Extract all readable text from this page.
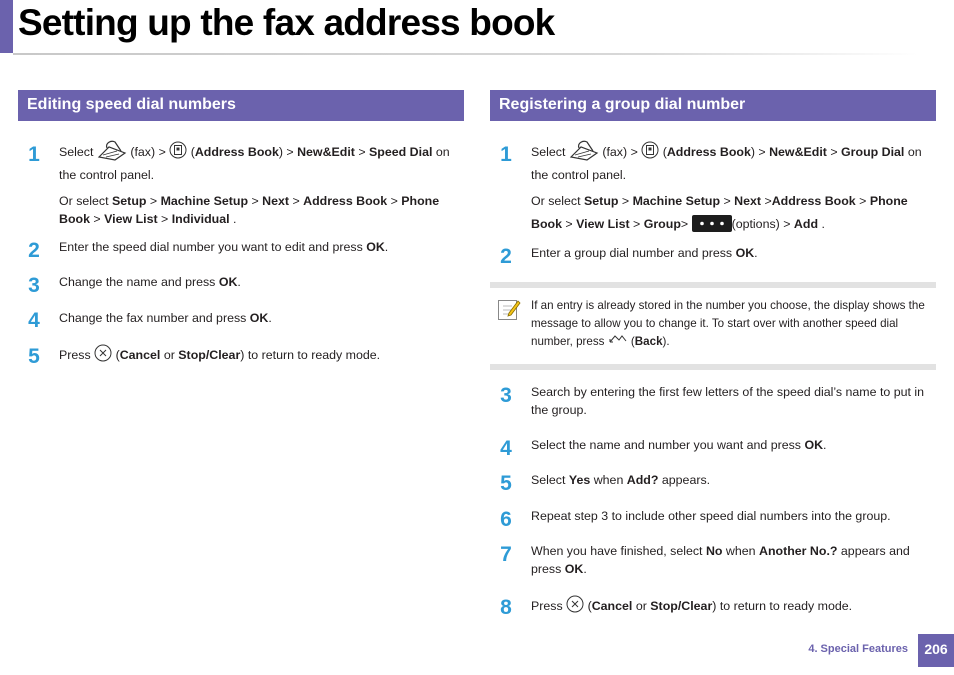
Setting up the fax address book
Editing speed dial numbers
1	Select	(fax) >  (Address Book) > New&Edit > Speed Dial on
the control panel.
Or select Setup > Machine Setup > Next > Address Book > Phone
Book > View List > Individual .
2	Enter the speed dial number you want to edit and press OK.
3	Change the name and press OK.
4	Change the fax number and press OK.
5	Press  (Cancel or Stop/Clear) to return to ready mode.
Registering a group dial number
1	Select	(fax) >  (Address Book) > New&Edit > Group Dial on
the control panel.
Or select Setup > Machine Setup > Next >Address Book > Phone
Book > View List > Group>	(options) > Add .
2	Enter a group dial number and press OK.
If an entry is already stored in the number you choose, the display shows the
message to allow you to change it. To start over with another speed dial
number, press  (Back).
3	Search by entering the first few letters of the speed dial’s name to put in
the group.
4	Select the name and number you want and press OK.
5	Select Yes when Add? appears.
6	Repeat step 3 to include other speed dial numbers into the group.
7	When you have finished, select No when Another No.? appears and
press OK.
8	Press  (Cancel or Stop/Clear) to return to ready mode.
4. Special Features	206
